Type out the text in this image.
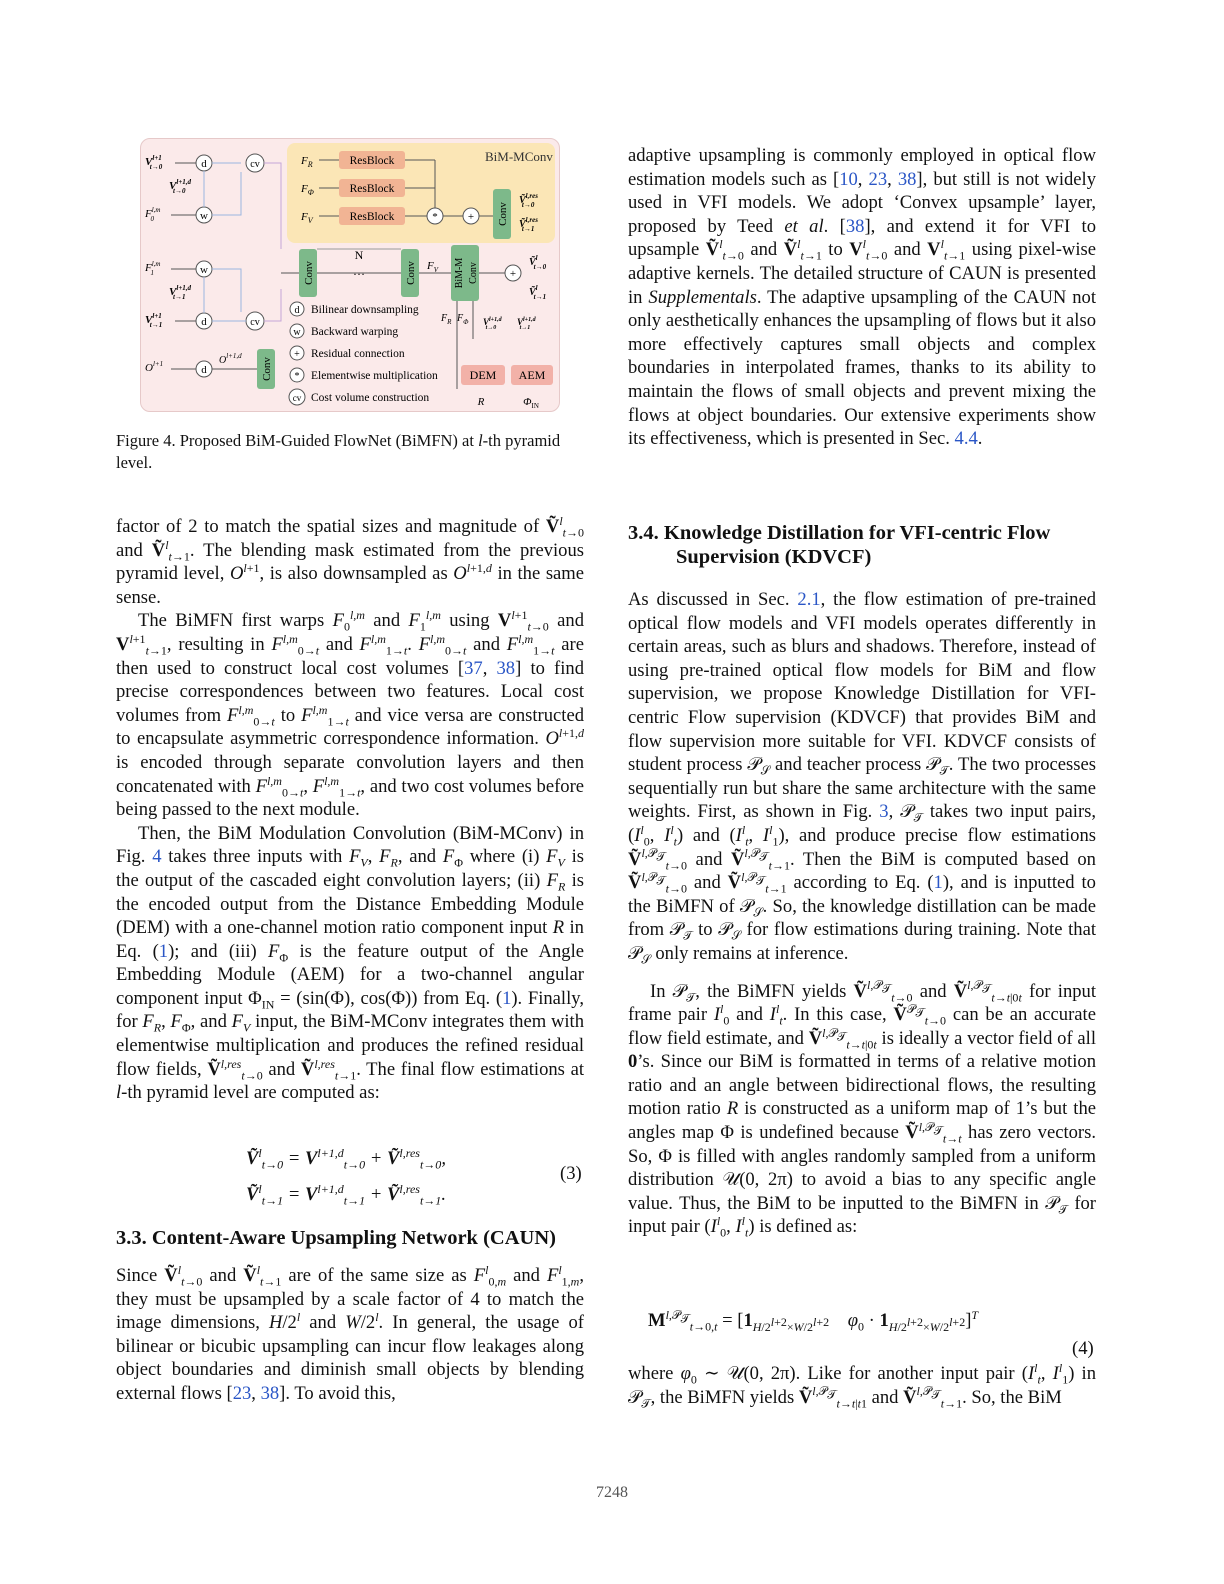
BiM-MConv
ResBlock
ResBlock
ResBlock
$F_R$
$F_\Phi$
$F_V$	*	+ Conv
Ṽ$^{l,res}$ t→0
Ṽ$^{l,res}$ t→1
$V^{l+1}$ t→0	d
$V^{l+1,d}$ t→0
F$^{l,m}$ 0	w
cv
F$^{l,m}$ 1	w
$V^{l+1,d}$ t→1
$V^{l+1}$ t→1	d	cv
$O^{l+1}$	d
$O^{l+1,d}$
Conv
Conv	Conv
N
…	$F_V$ BiM-M Conv	+
Ṽ$^l$ t→0
Ṽ$^l$ t→1
$F_R$ $F_\Phi$ $V^{l+1,d}$ t→0
$V^{l+1,d}$ t→1
DEM AEM
R	$\Phi_{IN}$
d Bilinear downsampling
w Backward warping
+ Residual connection
* Elementwise multiplication
cv Cost volume construction
Figure 4. Proposed BiM-Guided FlowNet (BiMFN) at l-th pyramid level.

factor of 2 to match the spatial sizes and magnitude of Ṽ$^l_{t\to 0}$ and Ṽ$^l_{t\to 1}$. The blending mask estimated from the previous pyramid level, $O^{l+1}$, is also downsampled as $O^{l+1,d}$ in the same sense.

The BiMFN first warps $F_0^{l,m}$ and $F_1^{l,m}$ using $V^{l+1}_{t\to 0}$ and $V^{l+1}_{t\to 1}$, resulting in F$^{l,m}_{0\to t}$ and F$^{l,m}_{1\to t}$. F$^{l,m}_{0\to t}$ and F$^{l,m}_{1\to t}$ are then used to construct local cost volumes [37, 38] to find precise correspondences between two features. Local cost volumes from F$^{l,m}_{0\to t}$ to F$^{l,m}_{1\to t}$ and vice versa are constructed to encapsulate asymmetric correspondence information. $O^{l+1,d}$ is encoded through separate convolution layers and then concatenated with F$^{l,m}_{0\to t}$, F$^{l,m}_{1\to t}$, and two cost volumes before being passed to the next module.

Then, the BiM Modulation Convolution (BiM-MConv) in Fig. 4 takes three inputs with $F_V$, $F_R$, and $F_\Phi$ where (i) $F_V$ is the output of the cascaded eight convolution layers; (ii) $F_R$ is the encoded output from the Distance Embedding Module (DEM) with a one-channel motion ratio component input R in Eq. (1); and (iii) $F_\Phi$ is the feature output of the Angle Embedding Module (AEM) for a two-channel angular component input $\Phi_{IN} = (\sin(\Phi)$, cos(Φ)) from Eq. (1). Finally, for $F_R$, $F_\Phi$, and $F_V$ input, the BiM-MConv integrates them with elementwise multiplication and produces the refined residual flow fields, Ṽ$^{l,res}_{t\to 0}$ and Ṽ$^{l,res}_{t\to 1}$. The final flow estimations at l-th pyramid level are computed as:

Ṽ$^l_{t\to 0}$ = $V^{l+1,d}_{t\to 0}$ + Ṽ$^{l,res}_{t\to 0}$,
Ṽ$^l_{t\to 1}$ = $V^{l+1,d}_{t\to 1}$ + Ṽ$^{l,res}_{t\to 1}$.
(3)
3.3. Content-Aware Upsampling Network (CAUN)

Since Ṽ$^l_{t\to 0}$ and Ṽ$^l_{t\to 1}$ are of the same size as $F^l_{0,m}$ and $F^l_{1,m}$, they must be upsampled by a scale factor of 4 to match the image dimensions, H/2$^l$ and W/2$^l$. In general, the usage of bilinear or bicubic upsampling can incur flow leakages along object boundaries and diminish small objects by blending external flows [23, 38]. To avoid this,

adaptive upsampling is commonly employed in optical flow estimation models such as [10, 23, 38], but still is not widely used in VFI models. We adopt ‘Convex upsample’ layer, proposed by Teed et al. [38], and extend it for VFI to upsample Ṽ$^l_{t\to 0}$ and Ṽ$^l_{t\to 1}$ to $V^l_{t\to 0}$ and $V^l_{t\to 1}$ using pixel-wise adaptive kernels. The detailed structure of CAUN is presented in Supplementals. The adaptive upsampling of the CAUN not only aesthetically enhances the upsampling of flows but it also more effectively captures small objects and complex boundaries in interpolated frames, thanks to its ability to maintain the flows of small objects and prevent mixing the flows at object boundaries. Our extensive experiments show its effectiveness, which is presented in Sec. 4.4.

3.4. Knowledge Distillation for VFI-centric Flow
Supervision (KDVCF)

As discussed in Sec. 2.1, the flow estimation of pre-trained optical flow models and VFI models operates differently in certain areas, such as blurs and shadows. Therefore, instead of using pre-trained optical flow models for BiM and flow supervision, we propose Knowledge Distillation for VFI-centric Flow supervision (KDVCF) that provides BiM and flow supervision more suitable for VFI. KDVCF consists of student process 𝒫$_𝒮$ and teacher process 𝒫$_𝒯$. The two processes sequentially run but share the same architecture with the same weights. First, as shown in Fig. 3, 𝒫$_𝒯$ takes two input pairs, ($I^l_0$, $I^l_t$) and ($I^l_t$, $I^l_1$), and produce precise flow estimations Ṽ$^{l,𝒫_𝒯}_{t\to 0}$ and Ṽ$^{l,𝒫_𝒯}_{t\to 1}$. Then the BiM is computed based on Ṽ$^{l,𝒫_𝒯}_{t\to 0}$ and Ṽ$^{l,𝒫_𝒯}_{t\to 1}$ according to Eq. (1), and is inputted to the BiMFN of 𝒫$_𝒮$. So, the knowledge distillation can be made from 𝒫$_𝒯$ to 𝒫$_𝒮$ for flow estimations during training. Note that 𝒫$_𝒮$ only remains at inference.

In 𝒫$_𝒯$, the BiMFN yields Ṽ$^{l,𝒫_𝒯}_{t\to 0}$ and Ṽ$^{l,𝒫_𝒯}_{t\to t|0t}$ for input frame pair $I^l_0$ and $I^l_t$. In this case, Ṽ$^{𝒫_𝒯}_{t\to 0}$ can be an accurate flow field estimate, and Ṽ$^{l,𝒫_𝒯}_{t\to t|0t}$ is ideally a vector field of all 0’s. Since our BiM is formatted in terms of a relative motion ratio and an angle between bidirectional flows, the resulting motion ratio R is constructed as a uniform map of 1’s but the angles map Φ is undefined because Ṽ$^{l,𝒫_𝒯}_{t\to t}$ has zero vectors. So, Φ is filled with angles randomly sampled from a uniform distribution 𝒰(0, 2π) to avoid a bias to any specific angle value. Thus, the BiM to be inputted to the BiMFN in 𝒫$_𝒯$ for input pair ($I^l_0$, $I^l_t$) is defined as:

$M^{l,𝒫_𝒯}_{t\to 0,t} = [1_{H/2^{l+2}\times W/2^{l+2}}$ $\varphi_0 \cdot 1_{H/2^{l+2}\times W/2^{l+2}}]^T$
(4)

where $\varphi_0$ ∼ 𝒰(0, 2π). Like for another input pair ($I^l_t$, $I^l_1$) in 𝒫$_𝒯$, the BiMFN yields Ṽ$^{l,𝒫_𝒯}_{t\to t|t1}$ and Ṽ$^{l,𝒫_𝒯}_{t\to 1}$. So, the BiM

7248
